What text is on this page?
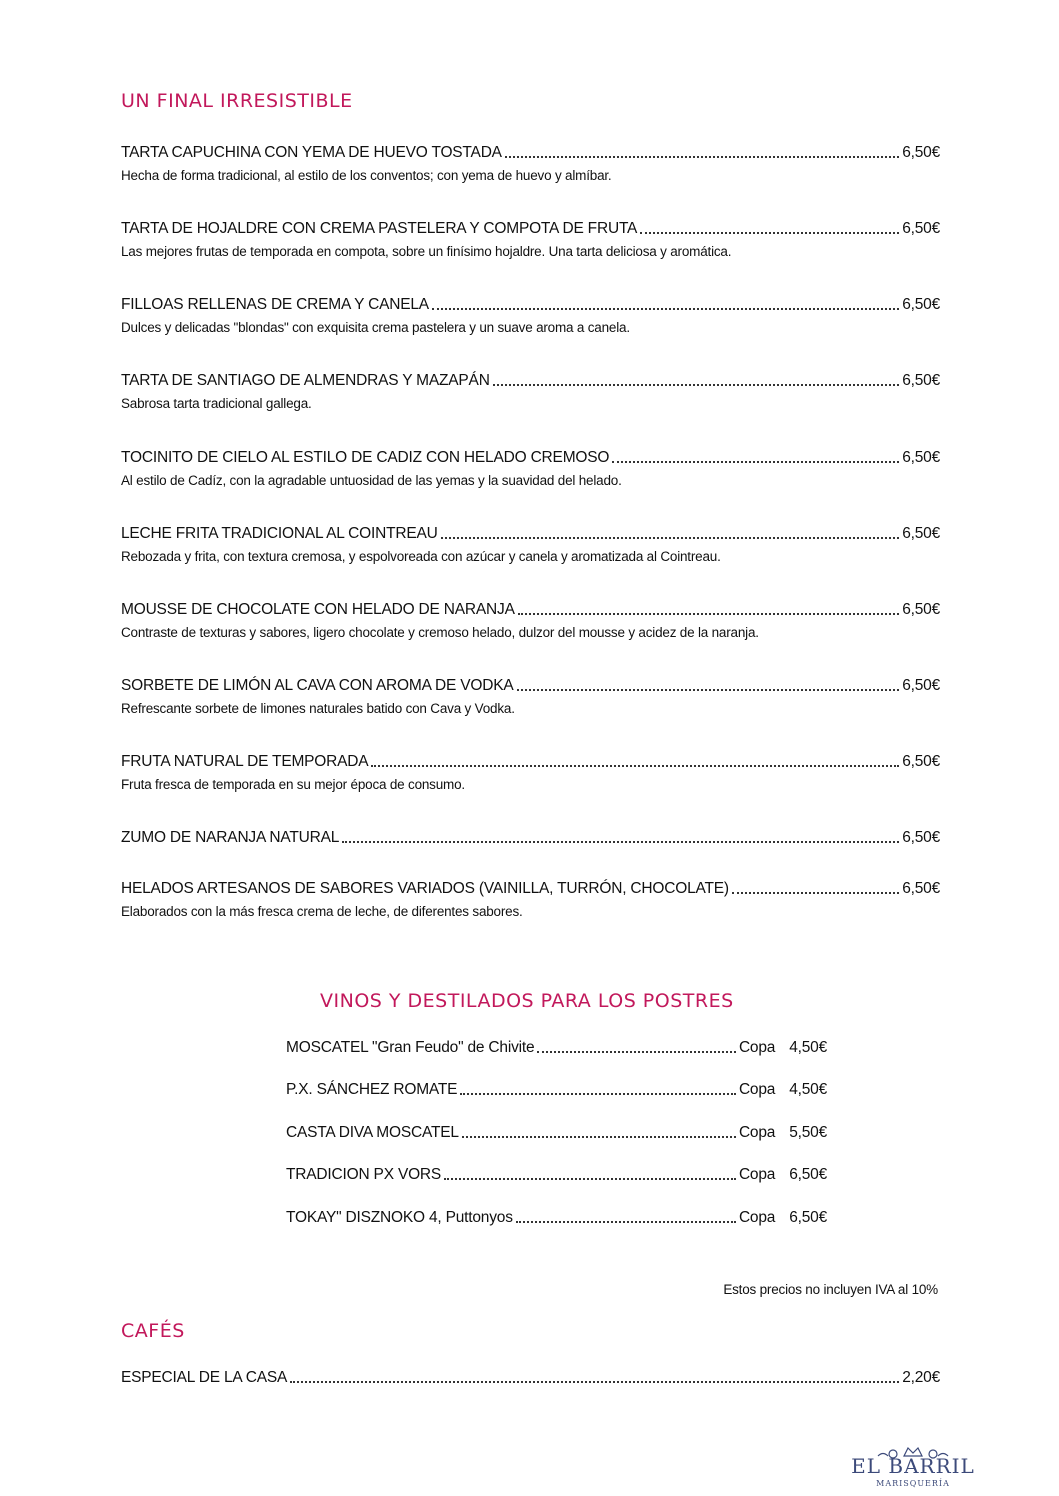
UN FINAL IRRESISTIBLE
TARTA CAPUCHINA CON YEMA DE HUEVO TOSTADA	6,50€
Hecha de forma tradicional, al estilo de los conventos; con yema de huevo y almíbar.
TARTA DE HOJALDRE CON CREMA PASTELERA Y COMPOTA DE FRUTA	6,50€
Las mejores frutas de temporada en compota, sobre un finísimo hojaldre. Una tarta deliciosa y aromática.
FILLOAS RELLENAS DE CREMA Y CANELA	6,50€
Dulces y delicadas "blondas" con exquisita crema pastelera y un suave aroma a canela.
TARTA DE SANTIAGO DE ALMENDRAS Y MAZAPÁN	6,50€
Sabrosa tarta tradicional gallega.
TOCINITO DE CIELO AL ESTILO DE CADIZ CON HELADO CREMOSO	6,50€
Al estilo de Cadíz, con la agradable untuosidad de las yemas y la suavidad del helado.
LECHE FRITA TRADICIONAL AL COINTREAU	6,50€
Rebozada y frita, con textura cremosa, y espolvoreada con azúcar y canela y aromatizada al Cointreau.
MOUSSE DE CHOCOLATE CON HELADO DE NARANJA	6,50€
Contraste de texturas y sabores, ligero chocolate y cremoso helado, dulzor del mousse y acidez de la naranja.
SORBETE DE LIMÓN AL CAVA CON AROMA DE VODKA	6,50€
Refrescante sorbete de limones naturales batido con Cava y Vodka.
FRUTA NATURAL DE TEMPORADA	6,50€
Fruta fresca de temporada en su mejor época de consumo.
ZUMO DE NARANJA NATURAL	6,50€
HELADOS ARTESANOS DE SABORES VARIADOS (VAINILLA, TURRÓN, CHOCOLATE)	6,50€
Elaborados con la más fresca crema de leche, de diferentes sabores.
VINOS Y DESTILADOS PARA LOS POSTRES
MOSCATEL "Gran Feudo" de Chivite	Copa 4,50€
P.X. SÁNCHEZ ROMATE	Copa 4,50€
CASTA DIVA MOSCATEL	Copa 5,50€
TRADICION PX VORS	Copa 6,50€
TOKAY" DISZNOKO 4, Puttonyos	Copa 6,50€
Estos precios no incluyen IVA al 10%
CAFÉS
ESPECIAL DE LA CASA	2,20€
EL BARRIL
MARISQUERÍA
